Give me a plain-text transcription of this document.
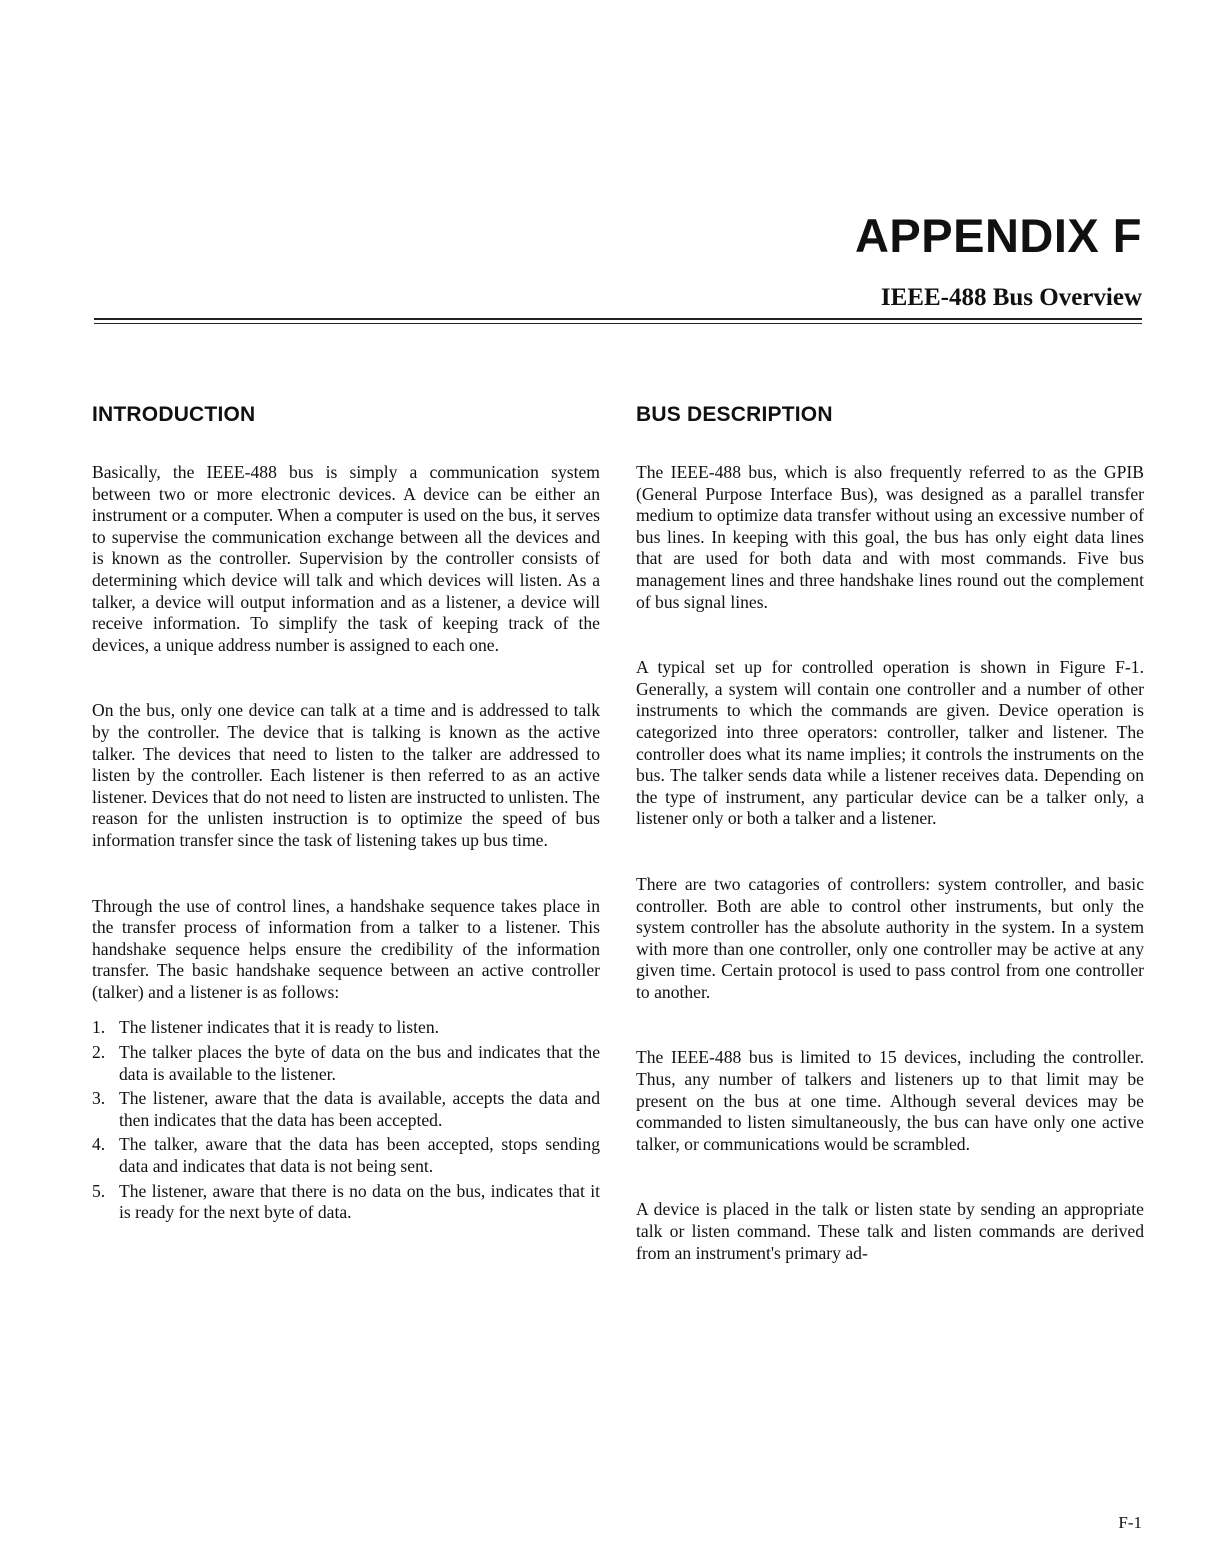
APPENDIX F
IEEE-488 Bus Overview
INTRODUCTION

Basically, the IEEE-488 bus is simply a communication system between two or more electronic devices. A device can be either an instrument or a computer. When a computer is used on the bus, it serves to supervise the communication exchange between all the devices and is known as the controller. Supervision by the controller consists of determining which device will talk and which devices will listen. As a talker, a device will output information and as a listener, a device will receive information. To simplify the task of keeping track of the devices, a unique address number is assigned to each one.

On the bus, only one device can talk at a time and is addressed to talk by the controller. The device that is talking is known as the active talker. The devices that need to listen to the talker are addressed to listen by the controller. Each listener is then referred to as an active listener. Devices that do not need to listen are instructed to unlisten. The reason for the unlisten instruction is to optimize the speed of bus information transfer since the task of listening takes up bus time.

Through the use of control lines, a handshake sequence takes place in the transfer process of information from a talker to a listener. This handshake sequence helps ensure the credibility of the information transfer. The basic handshake sequence between an active controller (talker) and a listener is as follows:

1. The listener indicates that it is ready to listen.
2. The talker places the byte of data on the bus and indicates that the data is available to the listener.
3. The listener, aware that the data is available, accepts the data and then indicates that the data has been accepted.
4. The talker, aware that the data has been accepted, stops sending data and indicates that data is not being sent.
5. The listener, aware that there is no data on the bus, indicates that it is ready for the next byte of data.
BUS DESCRIPTION

The IEEE-488 bus, which is also frequently referred to as the GPIB (General Purpose Interface Bus), was designed as a parallel transfer medium to optimize data transfer without using an excessive number of bus lines. In keeping with this goal, the bus has only eight data lines that are used for both data and with most commands. Five bus management lines and three handshake lines round out the complement of bus signal lines.

A typical set up for controlled operation is shown in Figure F-1. Generally, a system will contain one controller and a number of other instruments to which the commands are given. Device operation is categorized into three operators: controller, talker and listener. The controller does what its name implies; it controls the instruments on the bus. The talker sends data while a listener receives data. Depending on the type of instrument, any particular device can be a talker only, a listener only or both a talker and a listener.

There are two catagories of controllers: system controller, and basic controller. Both are able to control other instruments, but only the system controller has the absolute authority in the system. In a system with more than one controller, only one controller may be active at any given time. Certain protocol is used to pass control from one controller to another.

The IEEE-488 bus is limited to 15 devices, including the controller. Thus, any number of talkers and listeners up to that limit may be present on the bus at one time. Although several devices may be commanded to listen simultaneously, the bus can have only one active talker, or communications would be scrambled.

A device is placed in the talk or listen state by sending an appropriate talk or listen command. These talk and listen commands are derived from an instrument's primary ad-

F-1
